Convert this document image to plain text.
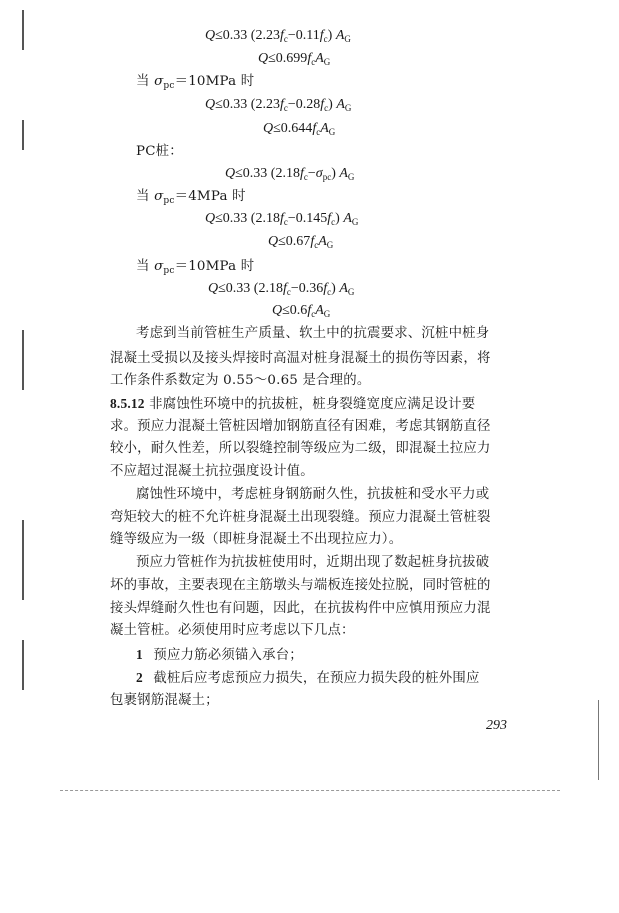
Q≤0.33 $(2.23f_c-0.11f_c)$ $A_G$
$Q\le 0.699f_cA_G$
当 $\sigma_{pc}=10MPa$ 时
Q≤0.33 $(2.23f_c-0.28f_c)$ $A_G$
$Q\le 0.644f_cA_G$
PC桩：
Q≤0.33 $(2.18f_c-\sigma_{pc})$ $A_G$
当 $\sigma_{pc}=4MPa$ 时
Q≤0.33 $(2.18f_c-0.145f_c)$ $A_G$
$Q\le 0.67f_cA_G$
当 $\sigma_{pc}=10MPa$ 时
Q≤0.33 $(2.18f_c-0.36f_c)$ $A_G$
$Q\le 0.6f_cA_G$
考虑到当前管桩生产质量、软土中的抗震要求、沉桩中桩身
混凝土受损以及接头焊接时高温对桩身混凝土的损伤等因素，将
工作条件系数定为 0.55～0.65 是合理的。
8.5.12 非腐蚀性环境中的抗拔桩，桩身裂缝宽度应满足设计要
求。预应力混凝土管桩因增加钢筋直径有困难，考虑其钢筋直径
较小，耐久性差，所以裂缝控制等级应为二级，即混凝土拉应力
不应超过混凝土抗拉强度设计值。
腐蚀性环境中，考虑桩身钢筋耐久性，抗拔桩和受水平力或
弯矩较大的桩不允许桩身混凝土出现裂缝。预应力混凝土管桩裂
缝等级应为一级（即桩身混凝土不出现拉应力）。
预应力管桩作为抗拔桩使用时，近期出现了数起桩身抗拔破
坏的事故，主要表现在主筋墩头与端板连接处拉脱，同时管桩的
接头焊缝耐久性也有问题，因此，在抗拔构件中应慎用预应力混
凝土管桩。必须使用时应考虑以下几点：
1 预应力筋必须锚入承台；
2 截桩后应考虑预应力损失，在预应力损失段的桩外围应
包裹钢筋混凝土；
293
